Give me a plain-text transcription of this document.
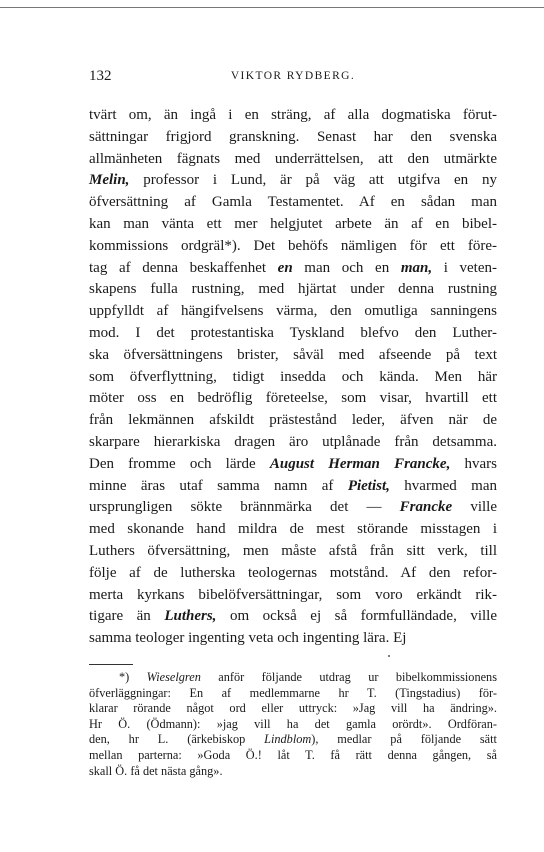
132	VIKTOR RYDBERG.
tvärt om, än ingå i en sträng, af alla dogmatiska förut-
sättningar frigjord granskning. Senast har den svenska
allmänheten fägnats med underrättelsen, att den utmärkte
Melin, professor i Lund, är på väg att utgifva en ny
öfversättning af Gamla Testamentet. Af en sådan man
kan man vänta ett mer helgjutet arbete än af en bibel-
kommissions ordgräl*). Det behöfs nämligen för ett före-
tag af denna beskaffenhet en man och en man, i veten-
skapens fulla rustning, med hjärtat under denna rustning
uppfylldt af hängifvelsens värma, den omutliga sanningens
mod. I det protestantiska Tyskland blefvo den Luther-
ska öfversättningens brister, såväl med afseende på text
som öfverflyttning, tidigt insedda och kända. Men här
möter oss en bedröflig företeelse, som visar, hvartill ett
från lekmännen afskildt prästestånd leder, äfven när de
skarpare hierarkiska dragen äro utplånade från detsamma.
Den fromme och lärde August Herman Francke, hvars
minne äras utaf samma namn af Pietist, hvarmed man
ursprungligen sökte brännmärka det — Francke ville
med skonande hand mildra de mest störande misstagen i
Luthers öfversättning, men måste afstå från sitt verk, till
följe af de lutherska teologernas motstånd. Af den refor-
merta kyrkans bibelöfversättningar, som voro erkändt rik-
tigare än Luthers, om också ej så formfulländade, ville
samma teologer ingenting veta och ingenting lära. Ej
*) Wieselgren anför följande utdrag ur bibelkommissionens
öfverläggningar: En af medlemmarne hr T. (Tingstadius) för-
klarar rörande något ord eller uttryck: »Jag vill ha ändring».
Hr Ö. (Ödmann): »jag vill ha det gamla orördt». Ordföran-
den, hr L. (ärkebiskop Lindblom), medlar på följande sätt
mellan parterna: »Goda Ö.! låt T. få rätt denna gången, så
skall Ö. få det nästa gång».
